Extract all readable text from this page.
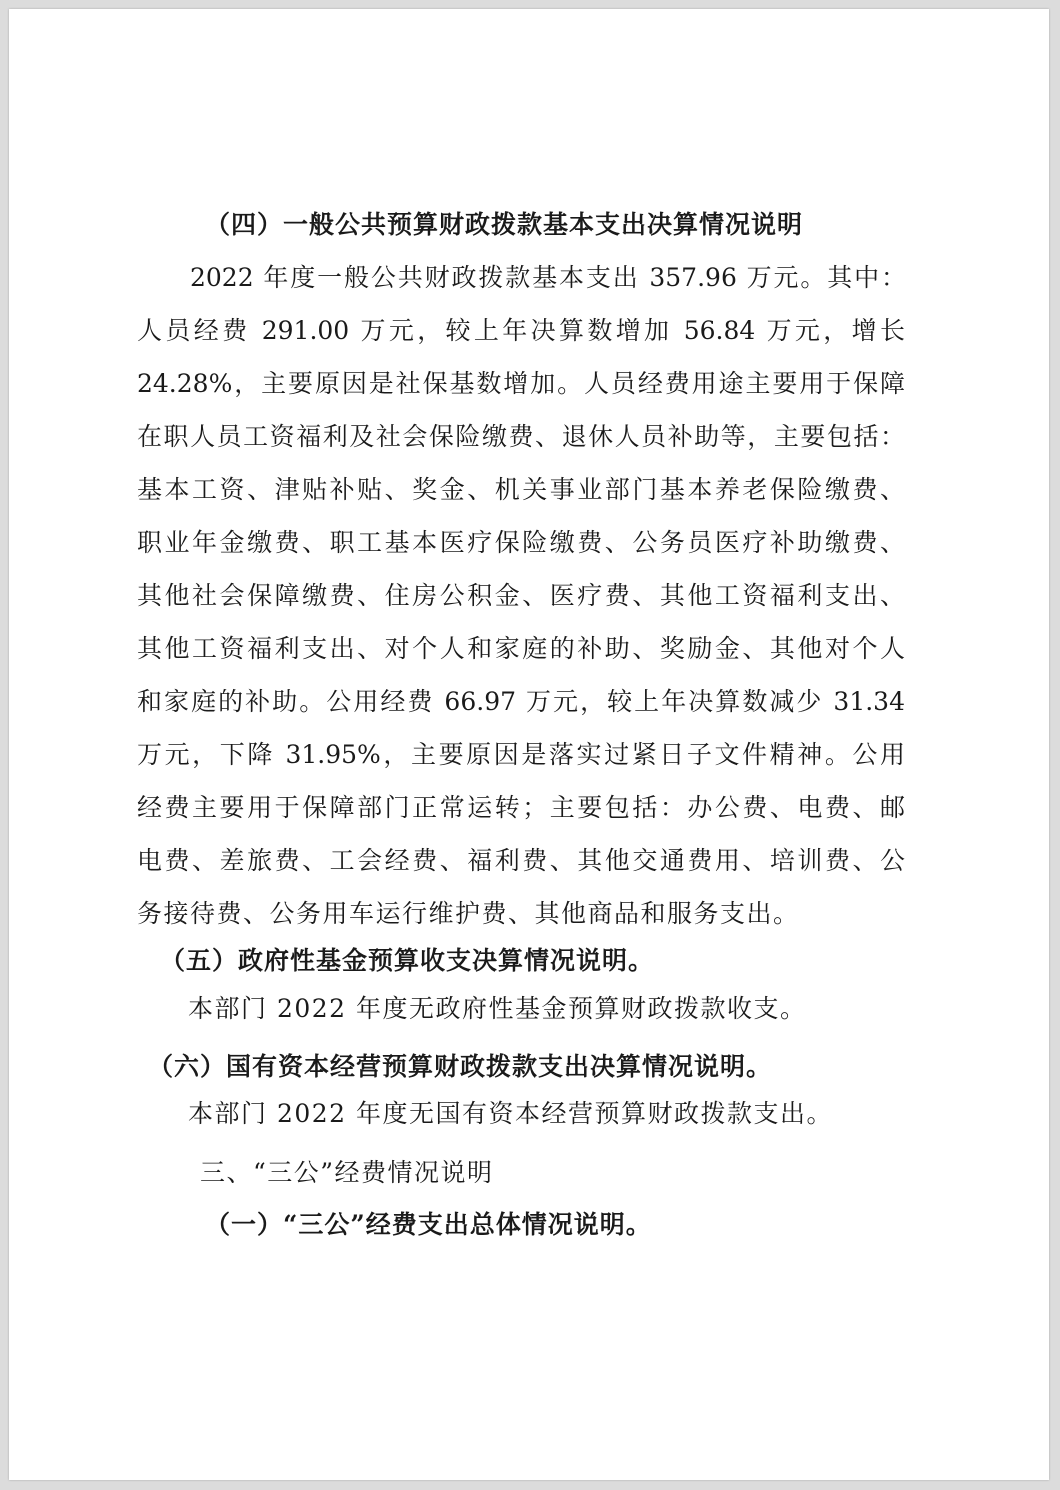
（四）一般公共预算财政拨款基本支出决算情况说明
2022 年度一般公共财政拨款基本支出 357.96 万元。其中：
人员经费 291.00 万元，较上年决算数增加 56.84 万元，增长
24.28%，主要原因是社保基数增加。人员经费用途主要用于保障
在职人员工资福利及社会保险缴费、退休人员补助等，主要包括：
基本工资、津贴补贴、奖金、机关事业部门基本养老保险缴费、
职业年金缴费、职工基本医疗保险缴费、公务员医疗补助缴费、
其他社会保障缴费、住房公积金、医疗费、其他工资福利支出、
其他工资福利支出、对个人和家庭的补助、奖励金、其他对个人
和家庭的补助。公用经费 66.97 万元，较上年决算数减少 31.34
万元，下降 31.95%，主要原因是落实过紧日子文件精神。公用
经费主要用于保障部门正常运转；主要包括：办公费、电费、邮
电费、差旅费、工会经费、福利费、其他交通费用、培训费、公
务接待费、公务用车运行维护费、其他商品和服务支出。
（五）政府性基金预算收支决算情况说明。
本部门 2022 年度无政府性基金预算财政拨款收支。
（六）国有资本经营预算财政拨款支出决算情况说明。
本部门 2022 年度无国有资本经营预算财政拨款支出。
三、“三公”经费情况说明
（一）“三公”经费支出总体情况说明。
